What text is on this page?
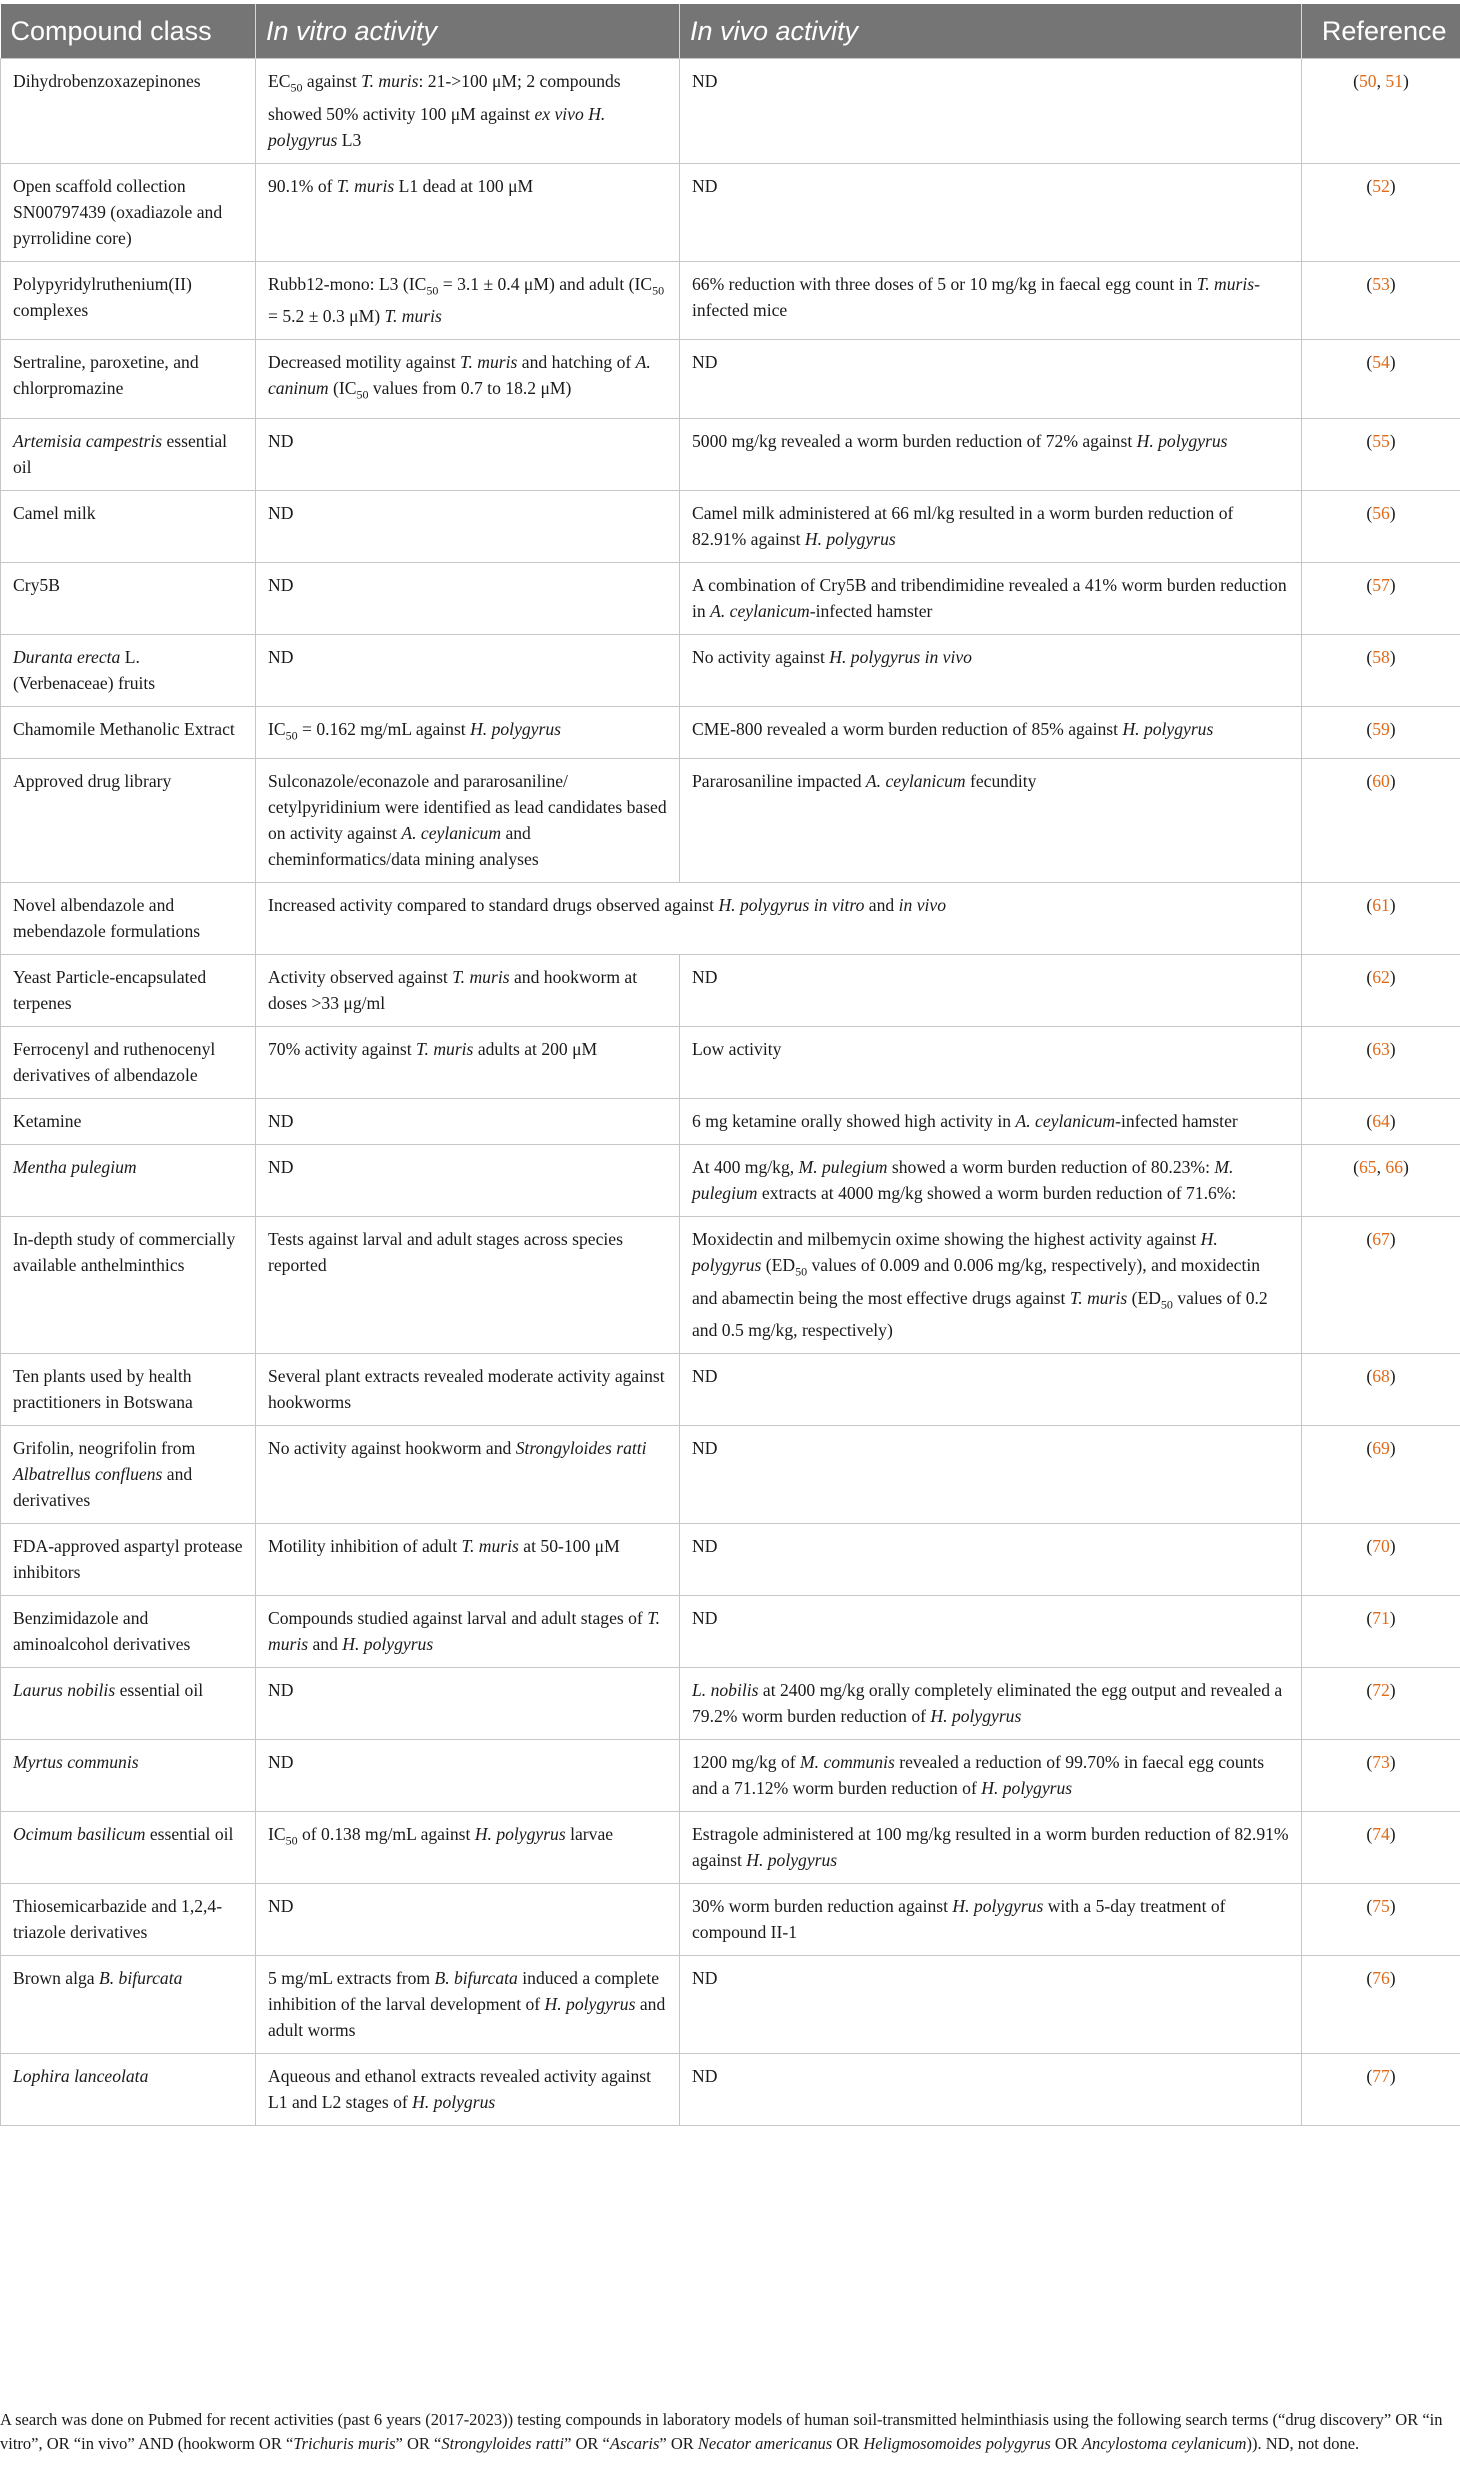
Compound class	In vitro activity	In vivo activity	Reference
Dihydrobenzoxazepinones	$EC_{50}$ against T. muris: 21->100 μM; 2 compounds showed 50% activity 100 μM against ex vivo H. polygyrus L3	ND	(50, 51)
Open scaffold collection SN00797439 (oxadiazole and pyrrolidine core)	90.1% of T. muris L1 dead at 100 μM	ND	(52)
Polypyridylruthenium(II) complexes	Rubb12-mono: L3 ($IC_{50} = 3.1 \pm 0.4$ μM) and adult ($IC_{50} = 5.2 \pm 0.3$ μM) T. muris	66% reduction with three doses of 5 or 10 mg/kg in faecal egg count in T. muris-infected mice	(53)
Sertraline, paroxetine, and chlorpromazine	Decreased motility against T. muris and hatching of A. caninum ($IC_{50}$ values from 0.7 to 18.2 μM)	ND	(54)
Artemisia campestris essential oil	ND	5000 mg/kg revealed a worm burden reduction of 72% against H. polygyrus	(55)
Camel milk	ND	Camel milk administered at 66 ml/kg resulted in a worm burden reduction of 82.91% against H. polygyrus	(56)
Cry5B	ND	A combination of Cry5B and tribendimidine revealed a 41% worm burden reduction in A. ceylanicum-infected hamster	(57)
Duranta erecta L. (Verbenaceae) fruits	ND	No activity against H. polygyrus in vivo	(58)
Chamomile Methanolic Extract	$IC_{50} = 0.162$ mg/mL against H. polygyrus	CME-800 revealed a worm burden reduction of 85% against H. polygyrus	(59)
Approved drug library	Sulconazole/econazole and pararosaniline/ cetylpyridinium were identified as lead candidates based on activity against A. ceylanicum and cheminformatics/data mining analyses	Pararosaniline impacted A. ceylanicum fecundity	(60)
Novel albendazole and mebendazole formulations	Increased activity compared to standard drugs observed against H. polygyrus in vitro and in vivo		(61)
Yeast Particle-encapsulated terpenes	Activity observed against T. muris and hookworm at doses >33 μg/ml	ND	(62)
Ferrocenyl and ruthenocenyl derivatives of albendazole	70% activity against T. muris adults at 200 μM	Low activity	(63)
Ketamine	ND	6 mg ketamine orally showed high activity in A. ceylanicum-infected hamster	(64)
Mentha pulegium	ND	At 400 mg/kg, M. pulegium showed a worm burden reduction of 80.23%: M. pulegium extracts at 4000 mg/kg showed a worm burden reduction of 71.6%:	(65, 66)
In-depth study of commercially available anthelminthics	Tests against larval and adult stages across species reported	Moxidectin and milbemycin oxime showing the highest activity against H. polygyrus ($ED_{50}$ values of 0.009 and 0.006 mg/kg, respectively), and moxidectin and abamectin being the most effective drugs against T. muris ($ED_{50}$ values of 0.2 and 0.5 mg/kg, respectively)	(67)
Ten plants used by health practitioners in Botswana	Several plant extracts revealed moderate activity against hookworms	ND	(68)
Grifolin, neogrifolin from Albatrellus confluens and derivatives	No activity against hookworm and Strongyloides ratti	ND	(69)
FDA-approved aspartyl protease inhibitors	Motility inhibition of adult T. muris at 50-100 μM	ND	(70)
Benzimidazole and aminoalcohol derivatives	Compounds studied against larval and adult stages of T. muris and H. polygyrus	ND	(71)
Laurus nobilis essential oil	ND	L. nobilis at 2400 mg/kg orally completely eliminated the egg output and revealed a 79.2% worm burden reduction of H. polygyrus	(72)
Myrtus communis	ND	1200 mg/kg of M. communis revealed a reduction of 99.70% in faecal egg counts and a 71.12% worm burden reduction of H. polygyrus	(73)
Ocimum basilicum essential oil	$IC_{50}$ of 0.138 mg/mL against H. polygyrus larvae	Estragole administered at 100 mg/kg resulted in a worm burden reduction of 82.91% against H. polygyrus	(74)
Thiosemicarbazide and 1,2,4-triazole derivatives	ND	30% worm burden reduction against H. polygyrus with a 5-day treatment of compound II-1	(75)
Brown alga B. bifurcata	5 mg/mL extracts from B. bifurcata induced a complete inhibition of the larval development of H. polygyrus and adult worms	ND	(76)
Lophira lanceolata	Aqueous and ethanol extracts revealed activity against L1 and L2 stages of H. polygrus	ND	(77)
A search was done on Pubmed for recent activities (past 6 years (2017-2023)) testing compounds in laboratory models of human soil-transmitted helminthiasis using the following search terms (“drug discovery” OR “in vitro”, OR “in vivo” AND (hookworm OR “Trichuris muris” OR “Strongyloides ratti” OR “Ascaris” OR Necator americanus OR Heligmosomoides polygyrus OR Ancylostoma ceylanicum)). ND, not done.
